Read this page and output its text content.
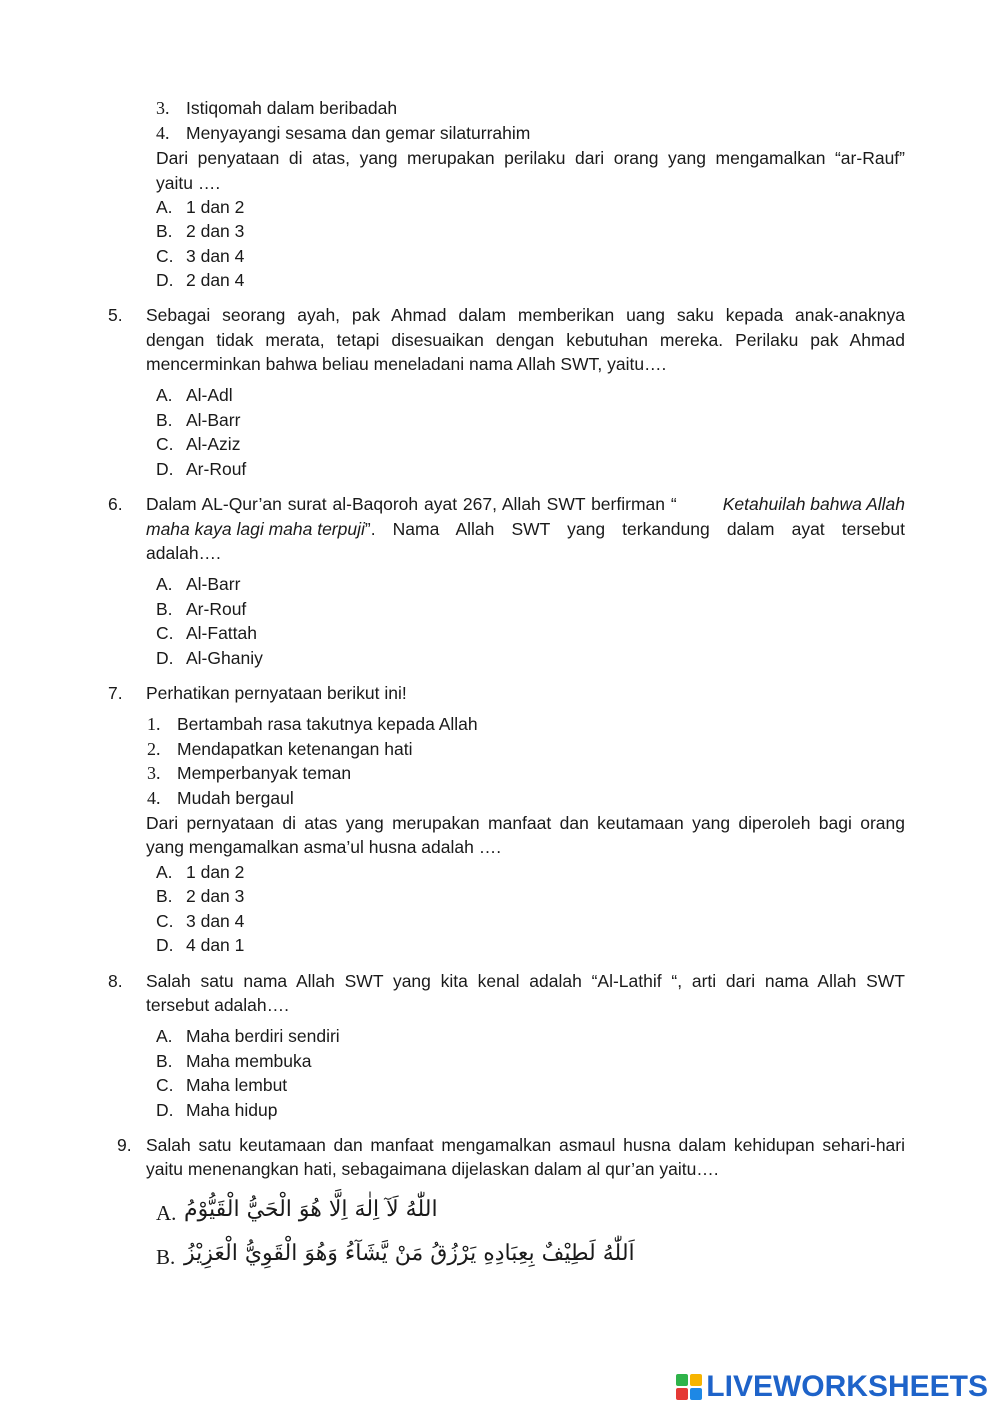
3. Istiqomah dalam beribadah
4. Menyayangi sesama dan gemar silaturrahim
Dari penyataan di atas, yang merupakan perilaku dari orang yang mengamalkan “ar-Rauf”
yaitu ….
A. 1 dan 2
B. 2 dan 3
C. 3 dan 4
D. 2 dan 4
5.	Sebagai seorang ayah, pak Ahmad dalam memberikan uang saku kepada anak-anaknya
dengan tidak merata, tetapi disesuaikan dengan kebutuhan mereka. Perilaku pak Ahmad
mencerminkan bahwa beliau meneladani nama Allah SWT, yaitu….
A. Al-Adl
B. Al-Barr
C. Al-Aziz
D. Ar-Rouf
6.	Dalam AL-Qur’an surat al-Baqoroh ayat 267, Allah SWT berfirman “	Ketahuilah bahwa Allah
maha kaya lagi maha terpuji ”. Nama Allah SWT yang terkandung dalam ayat tersebut
adalah….
A. Al-Barr
B. Ar-Rouf
C. Al-Fattah
D. Al-Ghaniy
7.	Perhatikan pernyataan berikut ini!
1. Bertambah rasa takutnya kepada Allah
2. Mendapatkan ketenangan hati
3. Memperbanyak teman
4. Mudah bergaul
Dari pernyataan di atas yang merupakan manfaat dan keutamaan yang diperoleh bagi orang
yang mengamalkan asma’ul husna adalah ….
A. 1 dan 2
B. 2 dan 3
C. 3 dan 4
D. 4 dan 1
8.	Salah satu nama Allah SWT yang kita kenal adalah “Al-Lathif “, arti dari nama Allah SWT
tersebut adalah….
A. Maha berdiri sendiri
B. Maha membuka
C. Maha lembut
D. Maha hidup
9. Salah satu keutamaan dan manfaat mengamalkan asmaul husna dalam kehidupan sehari-hari
yaitu menenangkan hati, sebagaimana dijelaskan dalam al qur’an yaitu….
A. اللّٰهُ لَآ اِلٰهَ اِلَّا هُوَ الْحَيُّ الْقَيُّوْمُ
B. اَللّٰهُ لَطِيْفٌ بِعِبَادِهِ يَرْزُقُ مَنْ يَّشَآءُ وَهُوَ الْقَوِيُّ الْعَزِيْزُ
LIVEWORKSHEETS
